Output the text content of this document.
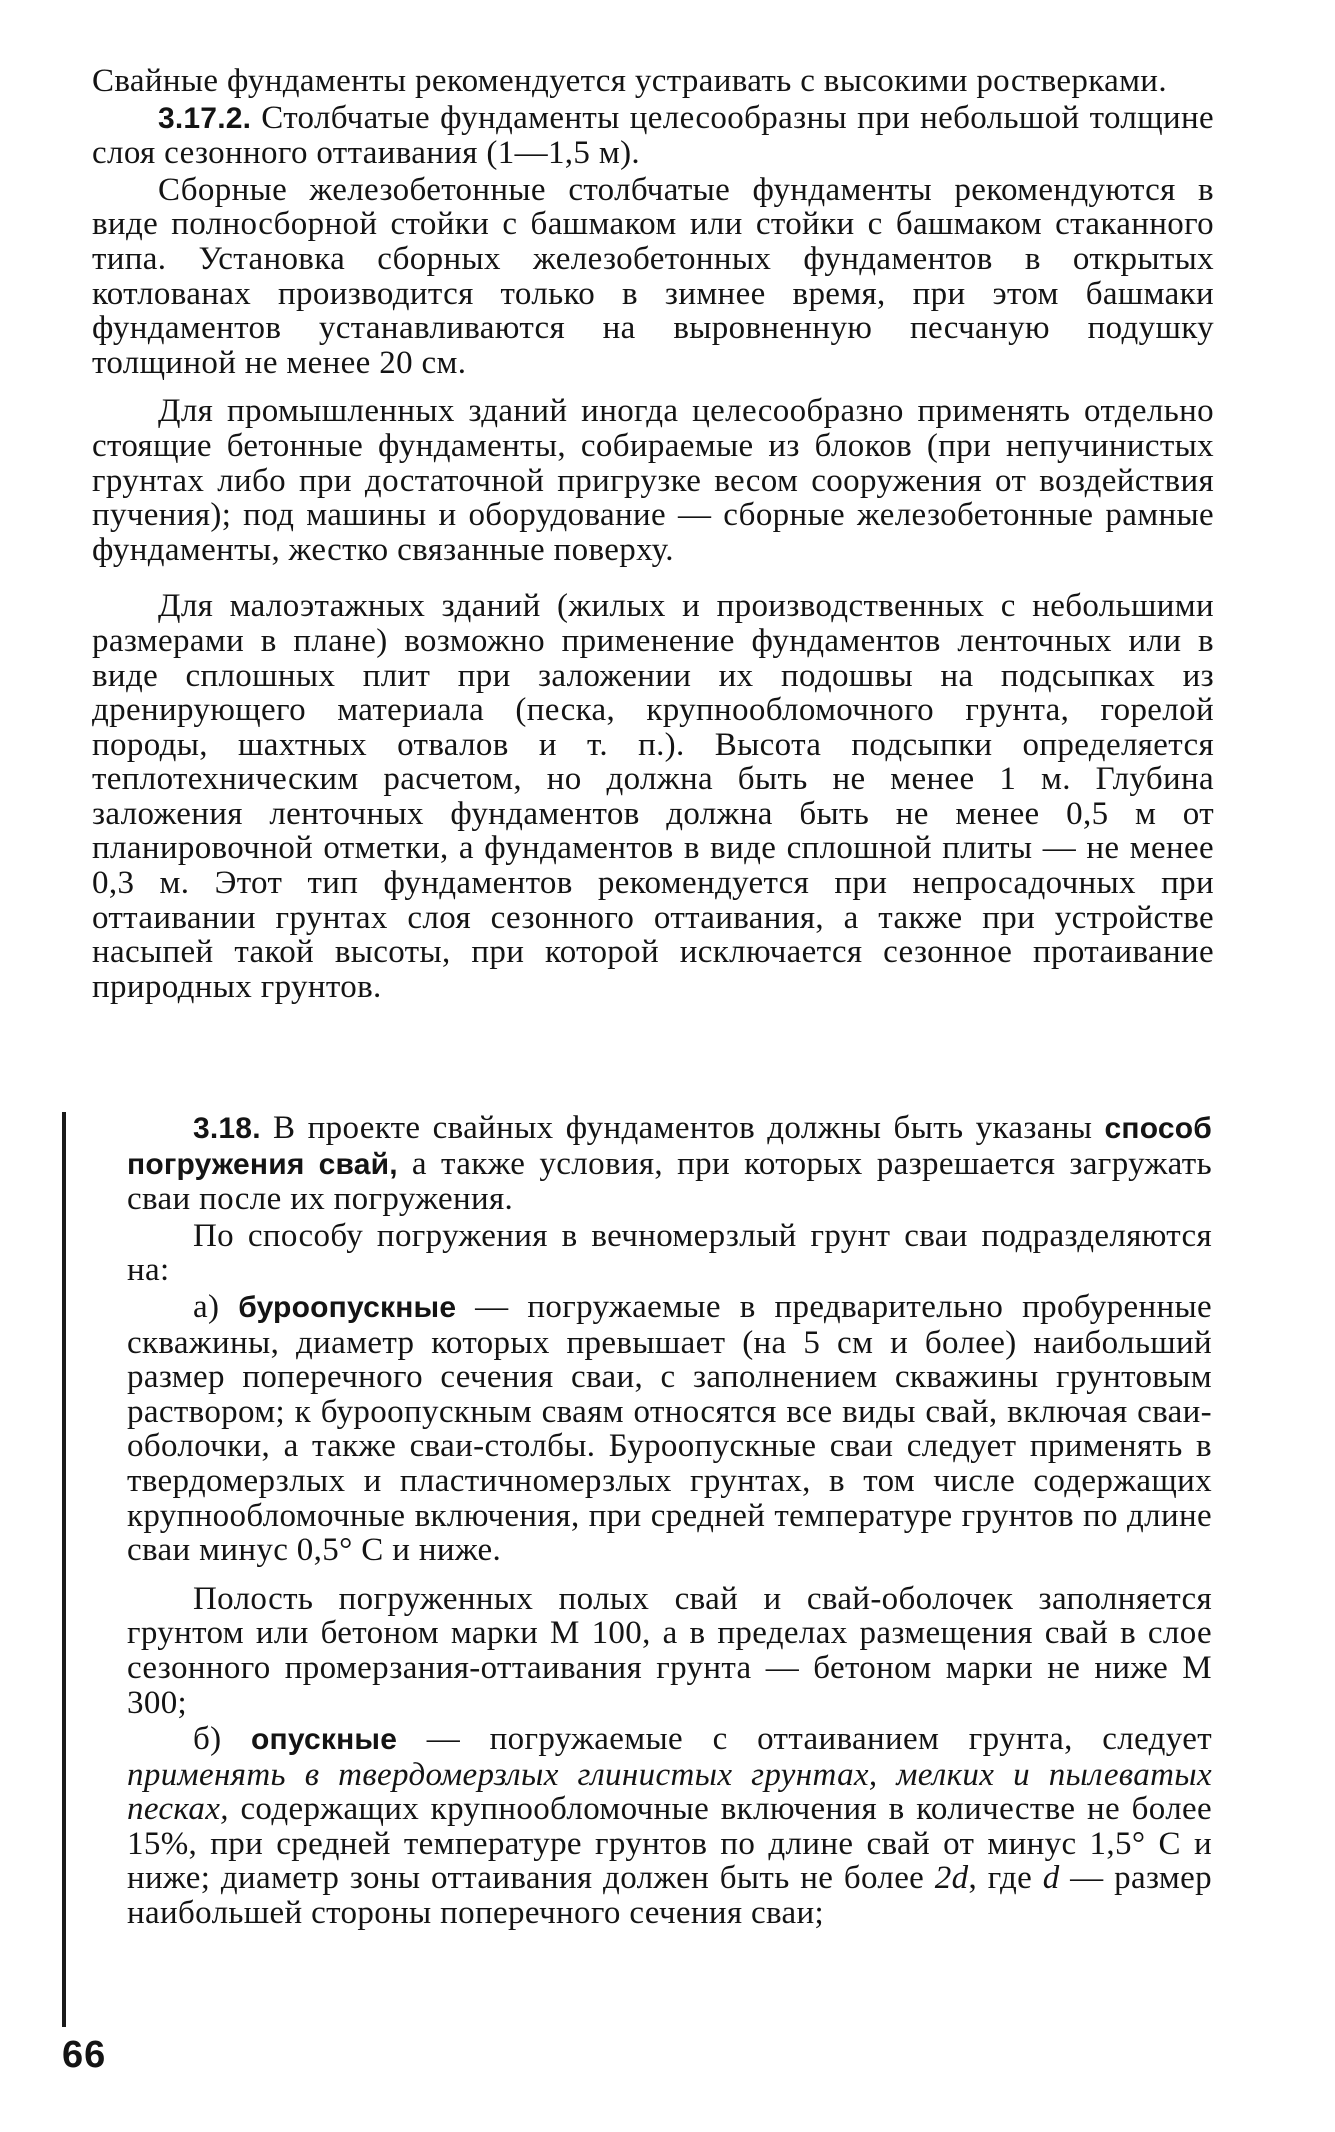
Свайные фундаменты рекомендуется устраивать с высокими ростверками.

3.17.2. Столбчатые фундаменты целесообразны при небольшой толщине слоя сезонного оттаивания (1—1,5 м).

Сборные железобетонные столбчатые фундаменты рекомендуются в виде полносборной стойки с башмаком или стойки с башмаком стаканного типа. Установка сборных железобетонных фундаментов в открытых котлованах производится только в зимнее время, при этом башмаки фундаментов устанавливаются на выровненную песчаную подушку толщиной не менее 20 см.

Для промышленных зданий иногда целесообразно применять отдельно стоящие бетонные фундаменты, собираемые из блоков (при непучинистых грунтах либо при достаточной пригрузке весом сооружения от воздействия пучения); под машины и оборудование — сборные железобетонные рамные фундаменты, жестко связанные поверху.

Для малоэтажных зданий (жилых и производственных с небольшими размерами в плане) возможно применение фундаментов ленточных или в виде сплошных плит при заложении их подошвы на подсыпках из дренирующего материала (песка, крупнообломочного грунта, горелой породы, шахтных отвалов и т. п.). Высота подсыпки определяется теплотехническим расчетом, но должна быть не менее 1 м. Глубина заложения ленточных фундаментов должна быть не менее 0,5 м от планировочной отметки, а фундаментов в виде сплошной плиты — не менее 0,3 м. Этот тип фундаментов рекомендуется при непросадочных при оттаивании грунтах слоя сезонного оттаивания, а также при устройстве насыпей такой высоты, при которой исключается сезонное протаивание природных грунтов.

3.18. В проекте свайных фундаментов должны быть указаны способ погружения свай, а также условия, при которых разрешается загружать сваи после их погружения.

По способу погружения в вечномерзлый грунт сваи подразделяются на:

а) буроопускные — погружаемые в предварительно пробуренные скважины, диаметр которых превышает (на 5 см и более) наибольший размер поперечного сечения сваи, с заполнением скважины грунтовым раствором; к буроопускным сваям относятся все виды свай, включая сваи-оболочки, а также сваи-столбы. Буроопускные сваи следует применять в твердомерзлых и пластичномерзлых грунтах, в том числе содержащих крупнообломочные включения, при средней температуре грунтов по длине сваи минус 0,5° С и ниже.

Полость погруженных полых свай и свай-оболочек заполняется грунтом или бетоном марки М 100, а в пределах размещения свай в слое сезонного промерзания-оттаивания грунта — бетоном марки не ниже М 300;

б) опускные — погружаемые с оттаиванием грунта, следует применять в твердомерзлых глинистых грунтах, мелких и пылеватых песках, содержащих крупнообломочные включения в количестве не более 15%, при средней температуре грунтов по длине свай от минус 1,5° С и ниже; диаметр зоны оттаивания должен быть не более 2d, где d — размер наибольшей стороны поперечного сечения сваи;

66
